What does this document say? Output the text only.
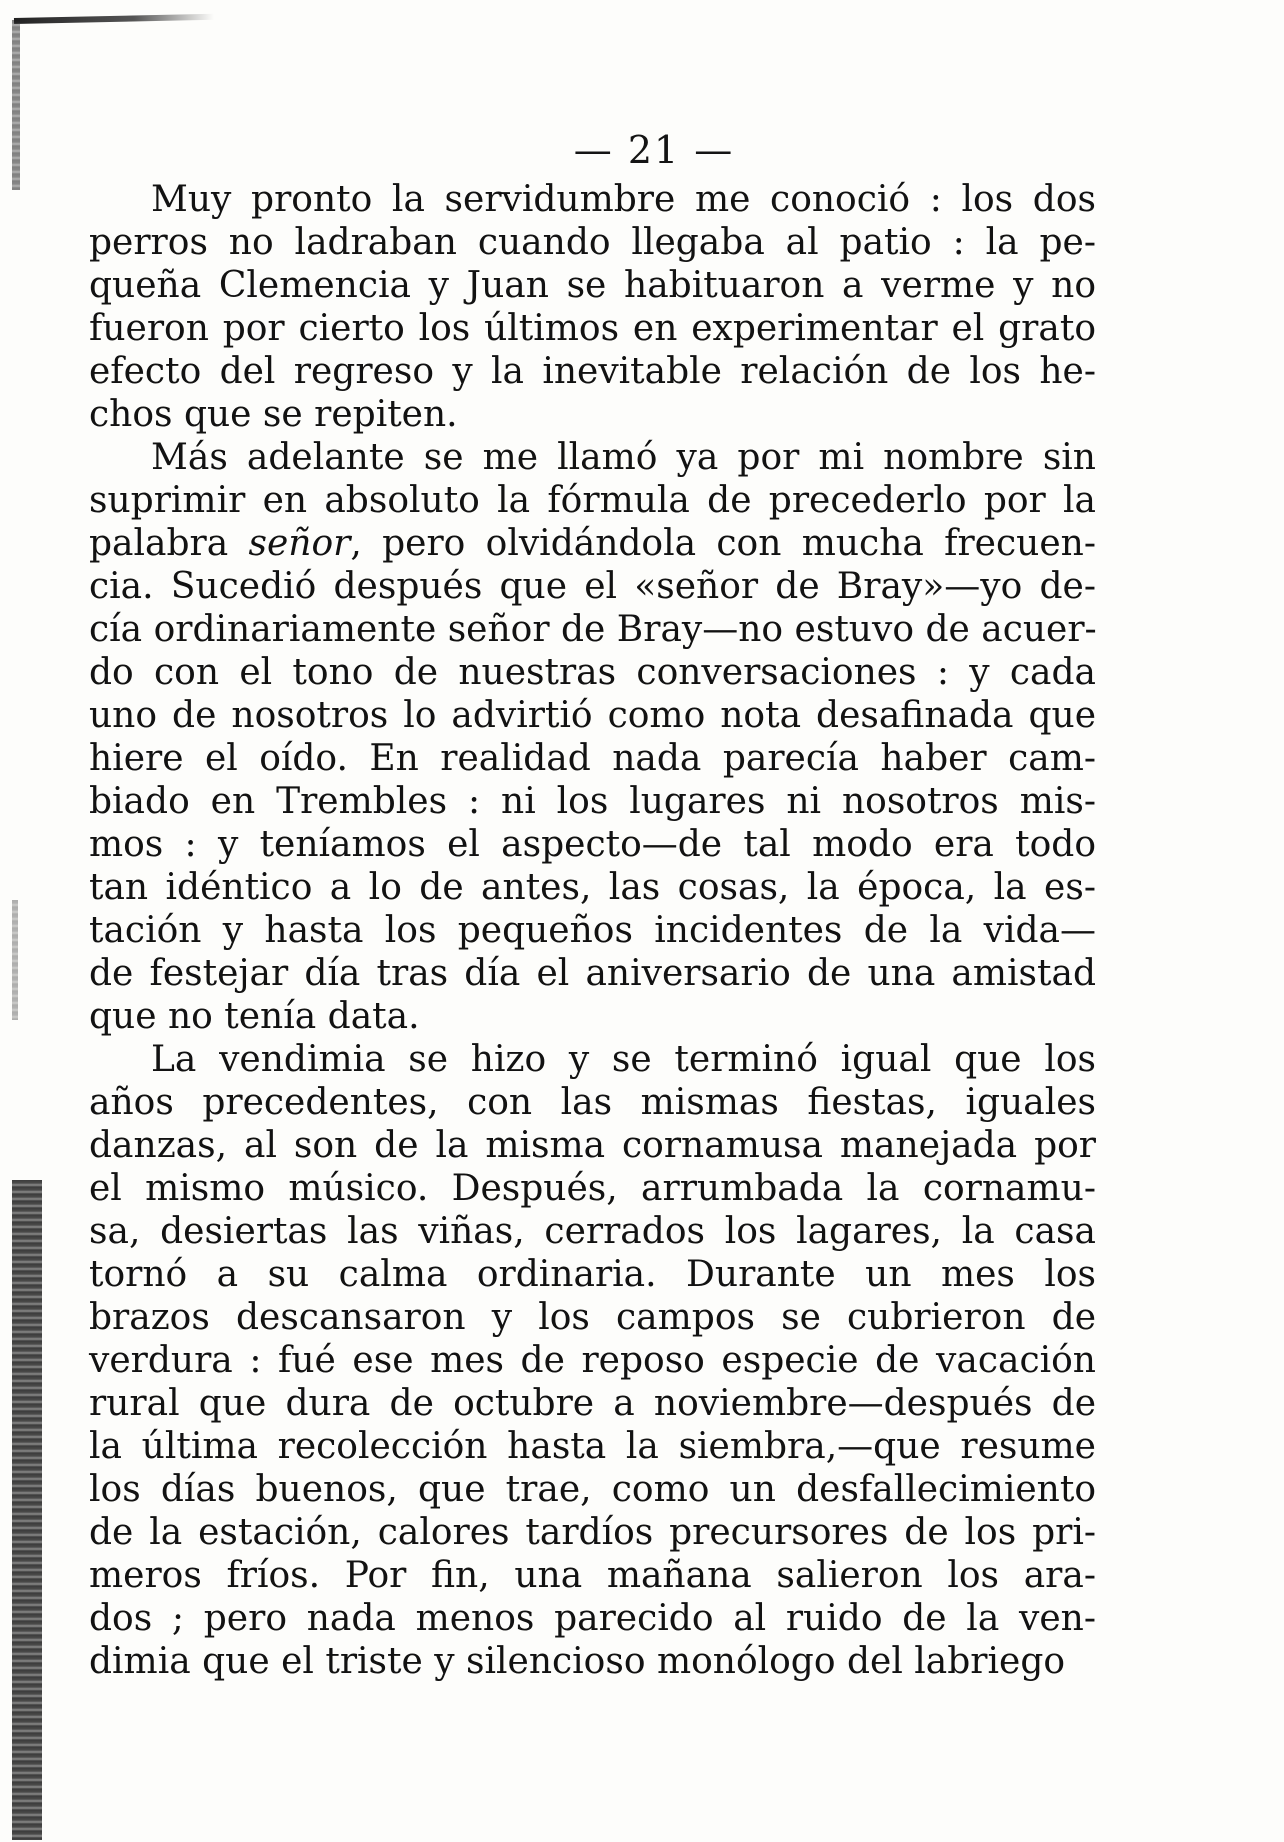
— 21 —
Muy pronto la servidumbre me conoció : los dos
perros no ladraban cuando llegaba al patio : la pe-
queña Clemencia y Juan se habituaron a verme y no
fueron por cierto los últimos en experimentar el grato
efecto del regreso y la inevitable relación de los he-
chos que se repiten.
Más adelante se me llamó ya por mi nombre sin
suprimir en absoluto la fórmula de precederlo por la
palabra señor, pero olvidándola con mucha frecuen-
cia. Sucedió después que el «señor de Bray»—yo de-
cía ordinariamente señor de Bray—no estuvo de acuer-
do con el tono de nuestras conversaciones : y cada
uno de nosotros lo advirtió como nota desafinada que
hiere el oído. En realidad nada parecía haber cam-
biado en Trembles : ni los lugares ni nosotros mis-
mos : y teníamos el aspecto—de tal modo era todo
tan idéntico a lo de antes, las cosas, la época, la es-
tación y hasta los pequeños incidentes de la vida—
de festejar día tras día el aniversario de una amistad
que no tenía data.
La vendimia se hizo y se terminó igual que los
años precedentes, con las mismas fiestas, iguales
danzas, al son de la misma cornamusa manejada por
el mismo músico. Después, arrumbada la cornamu-
sa, desiertas las viñas, cerrados los lagares, la casa
tornó a su calma ordinaria. Durante un mes los
brazos descansaron y los campos se cubrieron de
verdura : fué ese mes de reposo especie de vacación
rural que dura de octubre a noviembre—después de
la última recolección hasta la siembra,—que resume
los días buenos, que trae, como un desfallecimiento
de la estación, calores tardíos precursores de los pri-
meros fríos. Por fin, una mañana salieron los ara-
dos ; pero nada menos parecido al ruido de la ven-
dimia que el triste y silencioso monólogo del labriego
